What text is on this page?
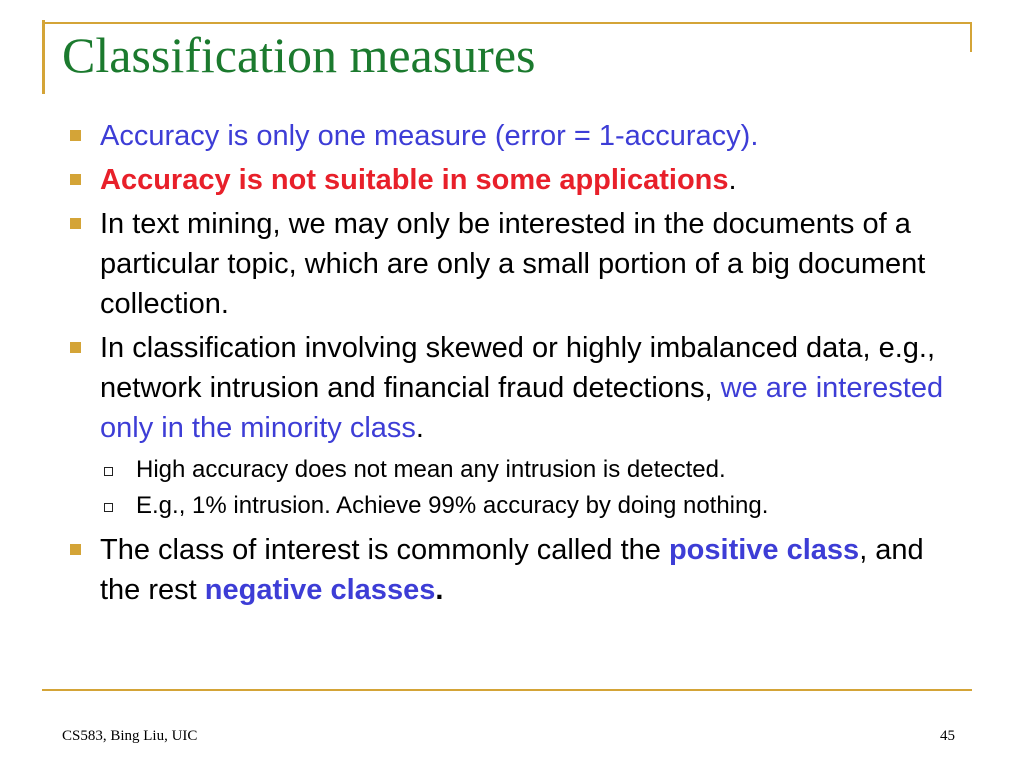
Classification measures
Accuracy is only one measure (error = 1-accuracy).
Accuracy is not suitable in some applications.
In text mining, we may only be interested in the documents of a particular topic, which are only a small portion of a big document collection.
In classification involving skewed or highly imbalanced data, e.g., network intrusion and financial fraud detections, we are interested only in the minority class.
High accuracy does not mean any intrusion is detected.
E.g., 1% intrusion. Achieve 99% accuracy by doing nothing.
The class of interest is commonly called the positive class, and the rest negative classes.
CS583, Bing Liu, UIC	45
